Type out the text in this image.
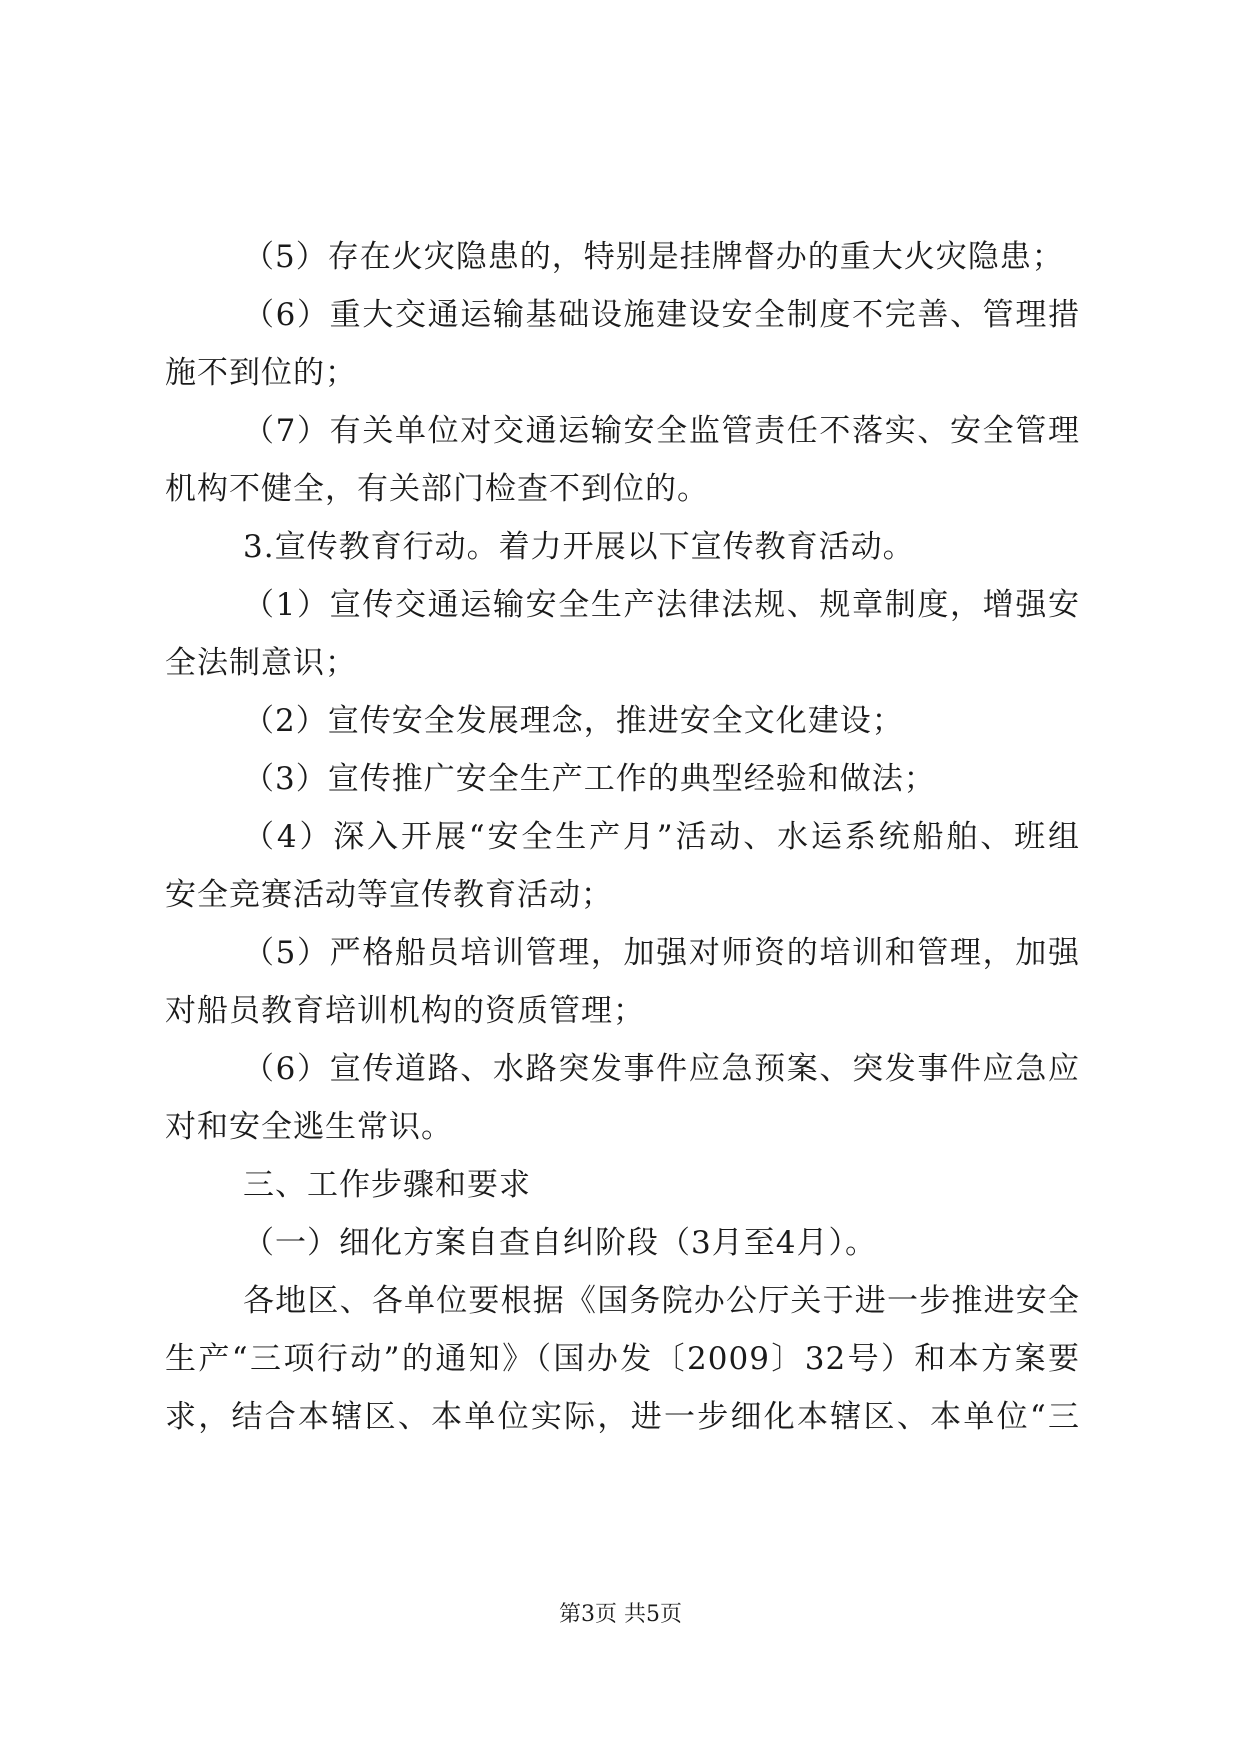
（5）存在火灾隐患的，特别是挂牌督办的重大火灾隐患；
（6）重大交通运输基础设施建设安全制度不完善、管理措
施不到位的；
（7）有关单位对交通运输安全监管责任不落实、安全管理
机构不健全，有关部门检查不到位的。
3.宣传教育行动。着力开展以下宣传教育活动。
（1）宣传交通运输安全生产法律法规、规章制度，增强安
全法制意识；
（2）宣传安全发展理念，推进安全文化建设；
（3）宣传推广安全生产工作的典型经验和做法；
（4）深入开展“安全生产月”活动、水运系统船舶、班组
安全竞赛活动等宣传教育活动；
（5）严格船员培训管理，加强对师资的培训和管理，加强
对船员教育培训机构的资质管理；
（6）宣传道路、水路突发事件应急预案、突发事件应急应
对和安全逃生常识。
三、工作步骤和要求
（一）细化方案自查自纠阶段（3月至4月）。
各地区、各单位要根据《国务院办公厅关于进一步推进安全
生产“三项行动”的通知》（国办发〔2009〕32号）和本方案要
求，结合本辖区、本单位实际，进一步细化本辖区、本单位“三
第3页 共5页
